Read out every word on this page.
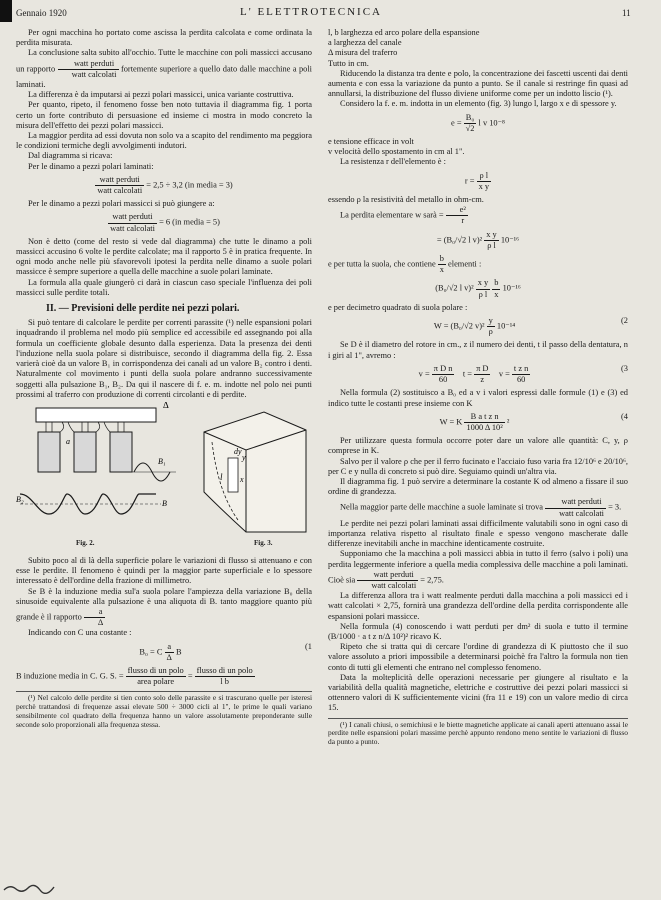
Gennaio 1920	L' ELETTROTECNICA	11

Per ogni macchina ho portato come ascissa la perdita calcolata e come ordinata la perdita misurata.

La conclusione salta subito all'occhio. Tutte le macchine con poli massicci accusano un rapporto $\frac{\text{watt perduti}}{\text{watt calcolati}}$ fortemente superiore a quello dato dalle macchine a poli laminati.

La differenza è da imputarsi ai pezzi polari massicci, unica variante costruttiva.

Per quanto, ripeto, il fenomeno fosse ben noto tuttavia il diagramma fig. 1 porta certo un forte contributo di persuasione ed insieme ci mostra in modo concreto la misura dell'effetto dei pezzi polari massicci.

La maggior perdita ad essi dovuta non solo va a scapito del rendimento ma peggiora le condizioni termiche degli avvolgimenti indutori.

Dal diagramma si ricava:

Per le dinamo a pezzi polari laminati:

$\frac{\text{watt perduti}}{\text{watt calcolati}} = 2,5 \div 3,2$ (in media = 3)

Per le dinamo a pezzi polari massicci si può giungere a:

$\frac{\text{watt perduti}}{\text{watt calcolati}} = 6$ (in media = 5)

Non è detto (come del resto si vede dal diagramma) che tutte le dinamo a poli massicci accusino 6 volte le perdite calcolate; ma il rapporto 5 è in pratica frequente. In ogni modo anche nelle più sfavorevoli ipotesi la perdita nelle dinamo a suole polari massicce è sempre superiore a quella delle macchine a suole polari laminate.

La formula alla quale giungerò ci darà in ciascun caso speciale l'influenza dei poli massicci sulle perdite totali.

II. — Previsioni delle perdite nei pezzi polari.

Si può tentare di calcolare le perdite per correnti parassite (¹) nelle espansioni polari inquadrando il problema nel modo più semplice ed accessibile ed assegnando poi alla formula un coefficiente globale desunto dalla esperienza. Data la presenza dei denti l'induzione nella suola polare si distribuisce, secondo il diagramma della fig. 2. Essa varierà cioè da un valore B₁ in corrispondenza dei canali ad un valore B₂ contro i denti. Naturalmente col movimento i punti della suola polare andranno successivamente soggetti alla pulsazione B₁, B₂. Da qui il nascere di f. e. m. indotte nel polo nei punti prossimi al traferro con produzione di correnti circolanti e di perdite.

Δ
a
B₁
B₂	B
Fig. 2.
dy
y
l x
Fig. 3.

Subito poco al di là della superficie polare le variazioni di flusso si attenuano e con esse le perdite. Il fenomeno è quindi per la maggior parte superficiale e lo spessore interessato è dell'ordine della frazione di millimetro.

Se B è la induzione media sul'a suola polare l'ampiezza della variazione B₀ della sinusoide equivalente alla pulsazione è una aliquota di B. tanto maggiore quanto più grande è il rapporto $\frac{a}{\Delta}$

Indicando con C una costante :

B₀ = C $\frac{a}{\Delta}$ B
(1

B induzione media in C. G. S. = $\frac{\text{flusso di un polo}}{\text{area polare}} = \frac{\text{flusso di un polo}}{\text{l b}}$

(¹) Nel calcolo delle perdite si tien conto solo delle parassite e si trascurano quelle per isteresi perchè trattandosi di frequenze assai elevate 500 ÷ 3000 cicli al 1", le prime le quali variano sensibilmente col quadrato della frequenza hanno un valore assolutamente preponderante sulle seconde solo proporzionali alla frequenza stessa.

l, b larghezza ed arco polare della espansione

a larghezza del canale

Δ misura del traferro

Tutto in cm.

Riducendo la distanza tra dente e polo, la concentrazione dei fascetti uscenti dai denti aumenta e con essa la variazione da punto a punto. Se il canale si restringe fin quasi ad annullarsi, la distribuzione del flusso diviene uniforme come per un indotto liscio (¹).

Considero la f. e. m. indotta in un elemento (fig. 3) lungo l, largo x e di spessore y.

$e = \frac{\text{B₀}}{√2}$ l v 10⁻⁸

e tensione efficace in volt

v velocità dello spostamento in cm al 1".

La resistenza r dell'elemento è :

$r = \frac{\text{ρ l}}{\text{x y}}$

essendo ρ la resistività del metallo in ohm-cm.

La perdita elementare w sarà = $\frac{\text{e²}}{r}$

= (B₀/√2 l $v)^2 \frac{\text{x y}}{\text{ρ l}} 10^{-16}$

e per tutta la suola, che contiene $\frac{b}{x}$ elementi :

(B₀/√2 l $v)^2 \frac{\text{x y}}{\text{ρ l}}$
$\frac{b}{x} 10^{-16}$

e per decimetro quadrato di suola polare :

W = (B₀/√2 $v)^2 \frac{y}{\rho} 10^{-14}$
(2

Se D è il diametro del rotore in cm., z il numero dei denti, t il passo della dentatura, n i giri al 1", avremo :

$v = \frac{\text{π D n}}{60}$ $t = \frac{\text{π D}}{z}$ $v = \frac{\text{t z n}}{60}$	(3

Nella formula (2) sostituisco a B₀ ed a v i valori espressi dalle formule (1) e (3) ed indico tutte le costanti prese insieme con K

W = K $\frac{\text{B a t z n}}{\text{1000 Δ 10²}} ^2$
(4

Per utilizzare questa formula occorre poter dare un valore alle quantità: C, y, ρ comprese in K.

Salvo per il valore ρ che per il ferro fucinato e l'acciaio fuso varia fra 12/10⁶ e 20/10⁶, per C e y nulla di concreto si può dire. Seguiamo quindi un'altra via.

Il diagramma fig. 1 può servire a determinare la costante K od almeno a fissare il suo ordine di grandezza.

Nella maggior parte delle macchine a suole laminate si trova $\frac{\text{watt perduti}}{\text{watt calcolati}} = 3$.

Le perdite nei pezzi polari laminati assai difficilmente valutabili sono in ogni caso di importanza relativa rispetto al risultato finale e spesso vengono mascherate dalle differenze inevitabili anche in macchine identicamente costruite.

Supponiamo che la macchina a poli massicci abbia in tutto il ferro (salvo i poli) una perdita leggermente inferiore a quella media complessiva delle macchine a poli laminati. Cioè sia $\frac{\text{watt perduti}}{\text{watt calcolati}} = 2,75$.

La differenza allora tra i watt realmente perduti dalla macchina a poli massicci ed i watt calcolati × 2,75, fornirà una grandezza dell'ordine della perdita corrispondente alle espansioni polari massicce.

Nella formula (4) conoscendo i watt perduti per dm² di suola e tutto il termine (B/1000 · a t z n/Δ 10²)² ricavo K.

Ripeto che si tratta qui di cercare l'ordine di grandezza di K piuttosto che il suo valore assoluto a priori impossibile a determinarsi poichè fra l'altro la formula non tien conto di tutti gli elementi che entrano nel complesso fenomeno.

Data la molteplicità delle operazioni necessarie per giungere al risultato e la variabilità della qualità magnetiche, elettriche e costruttive dei pezzi polari massicci si ottennero valori di K sufficientemente vicini (fra 11 e 19) con un valore medio di circa 15.

(¹) I canali chiusi, o semichiusi e le biette magnetiche applicate ai canali aperti attenuano assai le perdite nelle espansioni polari massime perchè appunto rendono meno sentite le variazioni di flusso da punto a punto.
